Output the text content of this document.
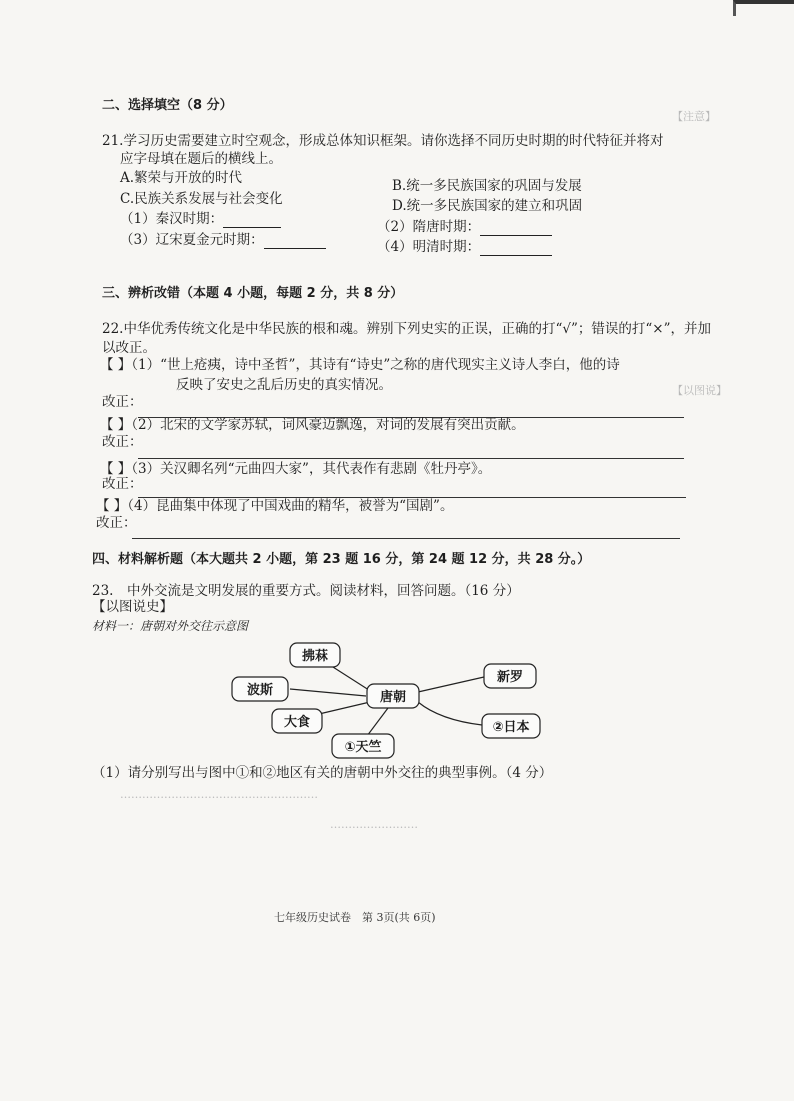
【注意】
【以图说】
二、选择填空（8 分）
21.学习历史需要建立时空观念，形成总体知识框架。请你选择不同历史时期的时代特征并将对
应字母填在题后的横线上。
A.繁荣与开放的时代	B.统一多民族国家的巩固与发展
C.民族关系发展与社会变化	D.统一多民族国家的建立和巩固
（1）秦汉时期：	（2）隋唐时期：
（3）辽宋夏金元时期：	（4）明清时期：
三、辨析改错（本题 4 小题，每题 2 分，共 8 分）
22.中华优秀传统文化是中华民族的根和魂。辨别下列史实的正误，正确的打“√”；错误的打“×”，并加
以改正。
【 】（1）“世上疮痍，诗中圣哲”，其诗有“诗史”之称的唐代现实主义诗人李白，他的诗
反映了安史之乱后历史的真实情况。
改正：
【 】（2）北宋的文学家苏轼，词风豪迈飘逸，对词的发展有突出贡献。
改正：
【 】（3）关汉卿名列“元曲四大家”，其代表作有悲剧《牡丹亭》。
改正：
【 】（4）昆曲集中体现了中国戏曲的精华，被誉为“国剧”。
改正：
四、材料解析题（本大题共 2 小题，第 23 题 16 分，第 24 题 12 分，共 28 分。）
23.　中外交流是文明发展的重要方式。阅读材料，回答问题。（16 分）
【以图说史】
材料一：唐朝对外交往示意图
唐朝
拂菻
波斯
大食
①天竺
新罗
②日本
（1）请分别写出与图中①和②地区有关的唐朝中外交往的典型事例。（4 分）
………………………………………………
……………………
七年级历史试卷　第 3页(共 6页)
